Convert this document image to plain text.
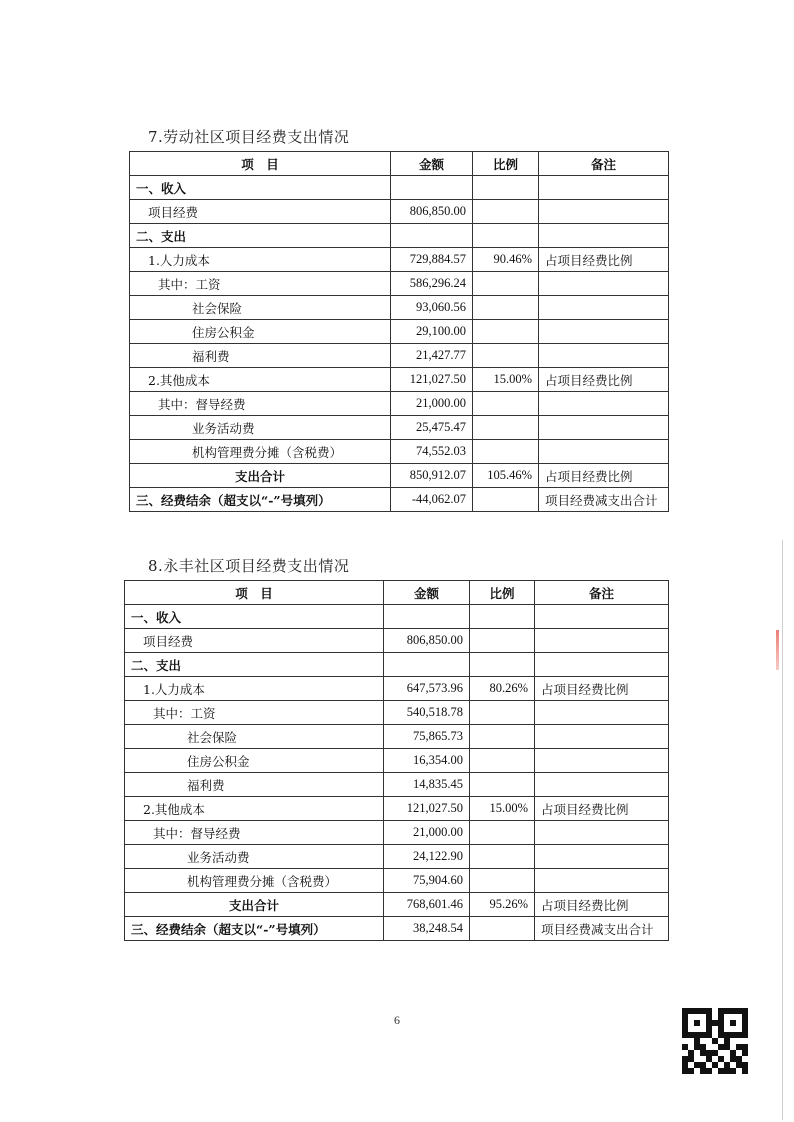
7.劳动社区项目经费支出情况
项　目	金额	比例	备注
一、收入			
项目经费	806,850.00		
二、支出			
1.人力成本	729,884.57	90.46%	占项目经费比例
其中：工资	586,296.24		
社会保险	93,060.56		
住房公积金	29,100.00		
福利费	21,427.77		
2.其他成本	121,027.50	15.00%	占项目经费比例
其中：督导经费	21,000.00		
业务活动费	25,475.47		
机构管理费分摊（含税费）	74,552.03		
支出合计	850,912.07	105.46%	占项目经费比例
三、经费结余（超支以“-”号填列）	-44,062.07		项目经费减支出合计
8.永丰社区项目经费支出情况
项　目	金额	比例	备注
一、收入			
项目经费	806,850.00		
二、支出			
1.人力成本	647,573.96	80.26%	占项目经费比例
其中：工资	540,518.78		
社会保险	75,865.73		
住房公积金	16,354.00		
福利费	14,835.45		
2.其他成本	121,027.50	15.00%	占项目经费比例
其中：督导经费	21,000.00		
业务活动费	24,122.90		
机构管理费分摊（含税费）	75,904.60		
支出合计	768,601.46	95.26%	占项目经费比例
三、经费结余（超支以“-”号填列）	38,248.54		项目经费减支出合计
6
